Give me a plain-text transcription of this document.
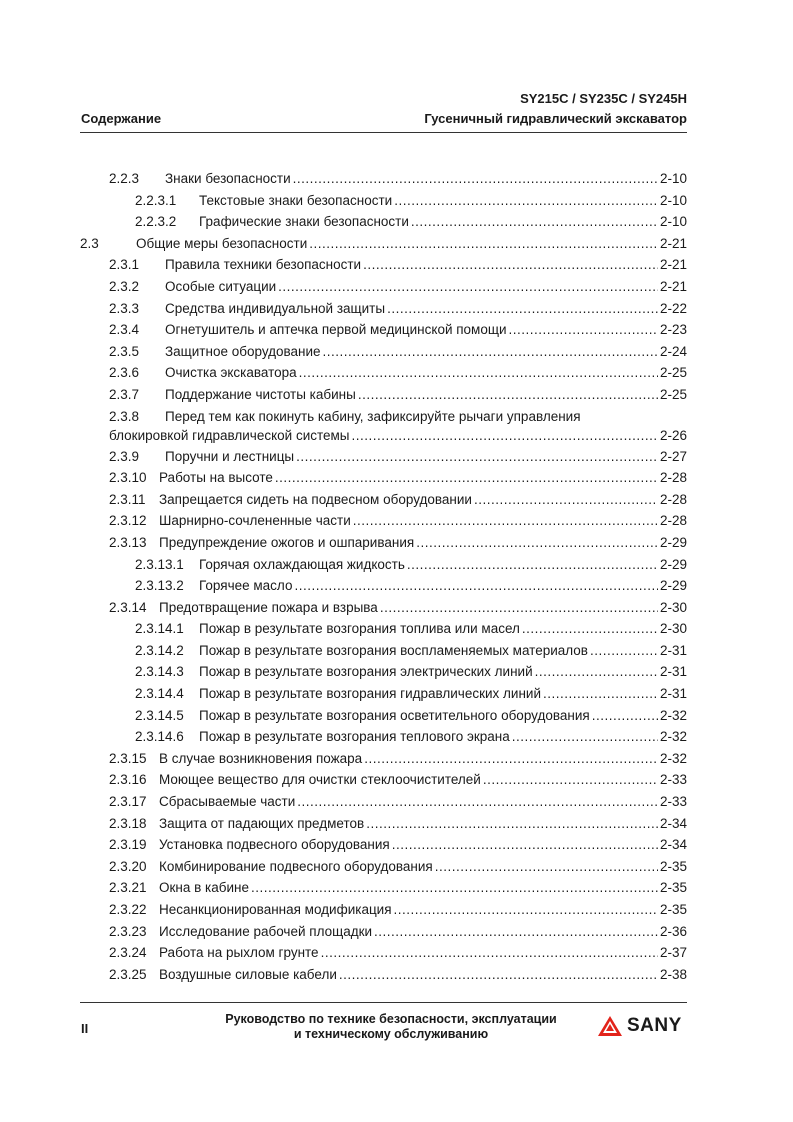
SY215C / SY235C / SY245H
Содержание	Гусеничный гидравлический экскаватор
2.2.3	Знаки безопасности .....	2-10
2.2.3.1	Текстовые знаки безопасности .....	2-10
2.2.3.2	Графические знаки безопасности .....	2-10
2.3	Общие меры безопасности .....	2-21
2.3.1	Правила техники безопасности .....	2-21
2.3.2	Особые ситуации .....	2-21
2.3.3	Средства индивидуальной защиты .....	2-22
2.3.4	Огнетушитель и аптечка первой медицинской помощи .....	2-23
2.3.5	Защитное оборудование .....	2-24
2.3.6	Очистка экскаватора .....	2-25
2.3.7	Поддержание чистоты кабины .....	2-25
2.3.8	Перед тем как покинуть кабину, зафиксируйте рычаги управления
блокировкой гидравлической системы .....	2-26
2.3.9	Поручни и лестницы .....	2-27
2.3.10 Работы на высоте .....	2-28
2.3.11 Запрещается сидеть на подвесном оборудовании .....	2-28
2.3.12 Шарнирно-сочлененные части .....	2-28
2.3.13 Предупреждение ожогов и ошпаривания .....	2-29
2.3.13.1	Горячая охлаждающая жидкость .....	2-29
2.3.13.2	Горячее масло .....	2-29
2.3.14 Предотвращение пожара и взрыва .....	2-30
2.3.14.1	Пожар в результате возгорания топлива или масел .....	2-30
2.3.14.2	Пожар в результате возгорания воспламеняемых материалов .....	2-31
2.3.14.3	Пожар в результате возгорания электрических линий .....	2-31
2.3.14.4	Пожар в результате возгорания гидравлических линий .....	2-31
2.3.14.5	Пожар в результате возгорания осветительного оборудования .....	2-32
2.3.14.6	Пожар в результате возгорания теплового экрана .....	2-32
2.3.15 В случае возникновения пожара .....	2-32
2.3.16 Моющее вещество для очистки стеклоочистителей .....	2-33
2.3.17 Сбрасываемые части .....	2-33
2.3.18 Защита от падающих предметов .....	2-34
2.3.19 Установка подвесного оборудования .....	2-34
2.3.20 Комбинирование подвесного оборудования .....	2-35
2.3.21 Окна в кабине .....	2-35
2.3.22 Несанкционированная модификация .....	2-35
2.3.23 Исследование рабочей площадки .....	2-36
2.3.24 Работа на рыхлом грунте .....	2-37
2.3.25 Воздушные силовые кабели .....	2-38
II
Руководство по технике безопасности, эксплуатации
и техническому обслуживанию	SANY
